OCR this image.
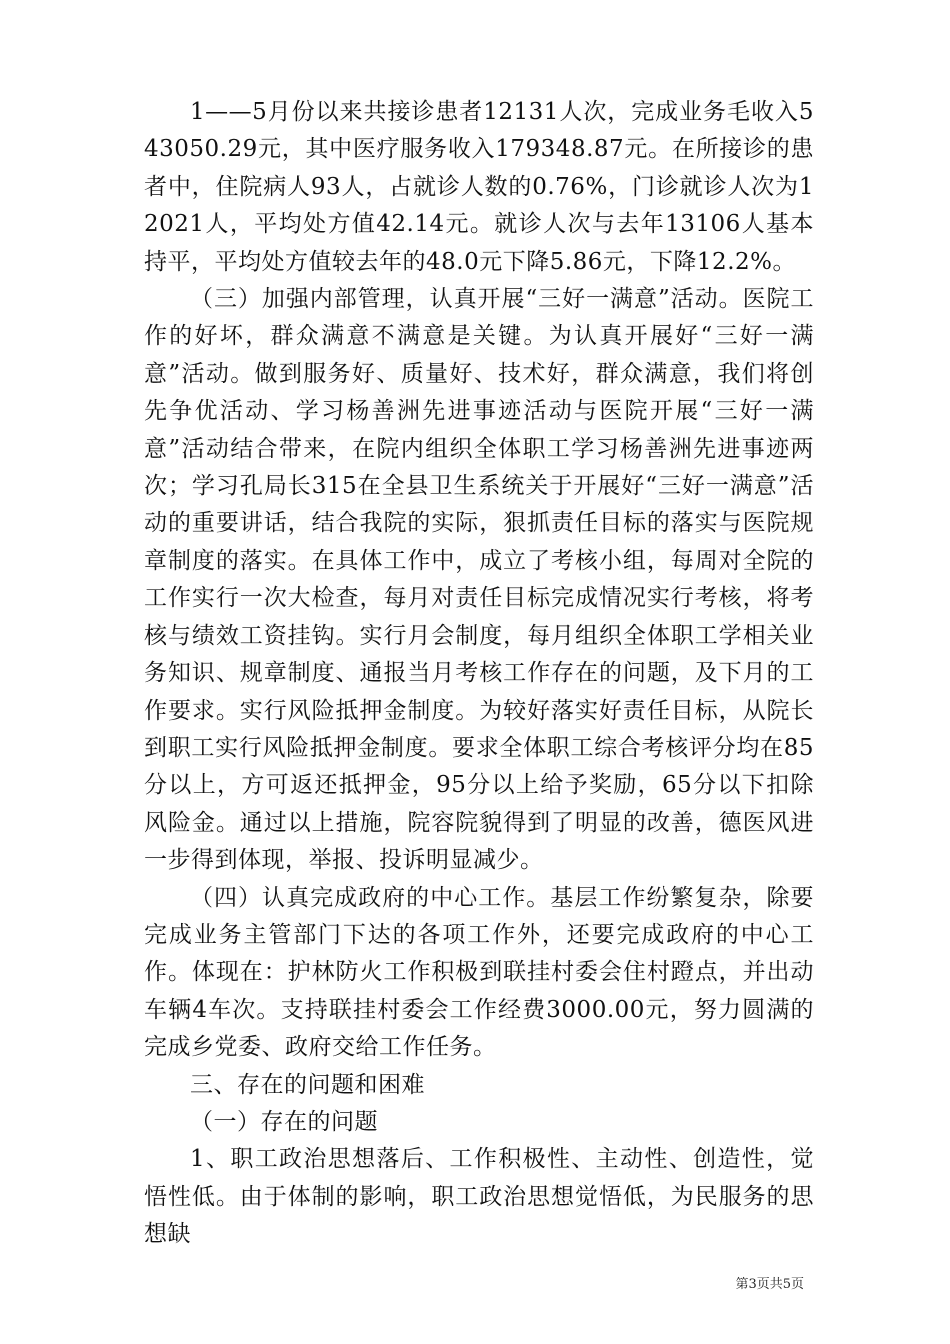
1——5月份以来共接诊患者12131人次，完成业务毛收入543050.29元，其中医疗服务收入179348.87元。在所接诊的患者中，住院病人93人，占就诊人数的0.76%，门诊就诊人次为12021人，平均处方值42.14元。就诊人次与去年13106人基本持平，平均处方值较去年的48.0元下降5.86元，下降12.2%。

（三）加强内部管理，认真开展“三好一满意”活动。医院工作的好坏，群众满意不满意是关键。为认真开展好“三好一满意”活动。做到服务好、质量好、技术好，群众满意，我们将创先争优活动、学习杨善洲先进事迹活动与医院开展“三好一满意”活动结合带来，在院内组织全体职工学习杨善洲先进事迹两次；学习孔局长315在全县卫生系统关于开展好“三好一满意”活动的重要讲话，结合我院的实际，狠抓责任目标的落实与医院规章制度的落实。在具体工作中，成立了考核小组，每周对全院的工作实行一次大检查，每月对责任目标完成情况实行考核，将考核与绩效工资挂钩。实行月会制度，每月组织全体职工学相关业务知识、规章制度、通报当月考核工作存在的问题，及下月的工作要求。实行风险抵押金制度。为较好落实好责任目标，从院长到职工实行风险抵押金制度。要求全体职工综合考核评分均在85分以上，方可返还抵押金，95分以上给予奖励，65分以下扣除风险金。通过以上措施，院容院貌得到了明显的改善，德医风进一步得到体现，举报、投诉明显减少。

（四）认真完成政府的中心工作。基层工作纷繁复杂，除要完成业务主管部门下达的各项工作外，还要完成政府的中心工作。体现在：护林防火工作积极到联挂村委会住村蹬点，并出动车辆4车次。支持联挂村委会工作经费3000.00元，努力圆满的完成乡党委、政府交给工作任务。

三、存在的问题和困难

（一）存在的问题

1、职工政治思想落后、工作积极性、主动性、创造性，觉悟性低。由于体制的影响，职工政治思想觉悟低，为民服务的思想缺

第3页共5页
